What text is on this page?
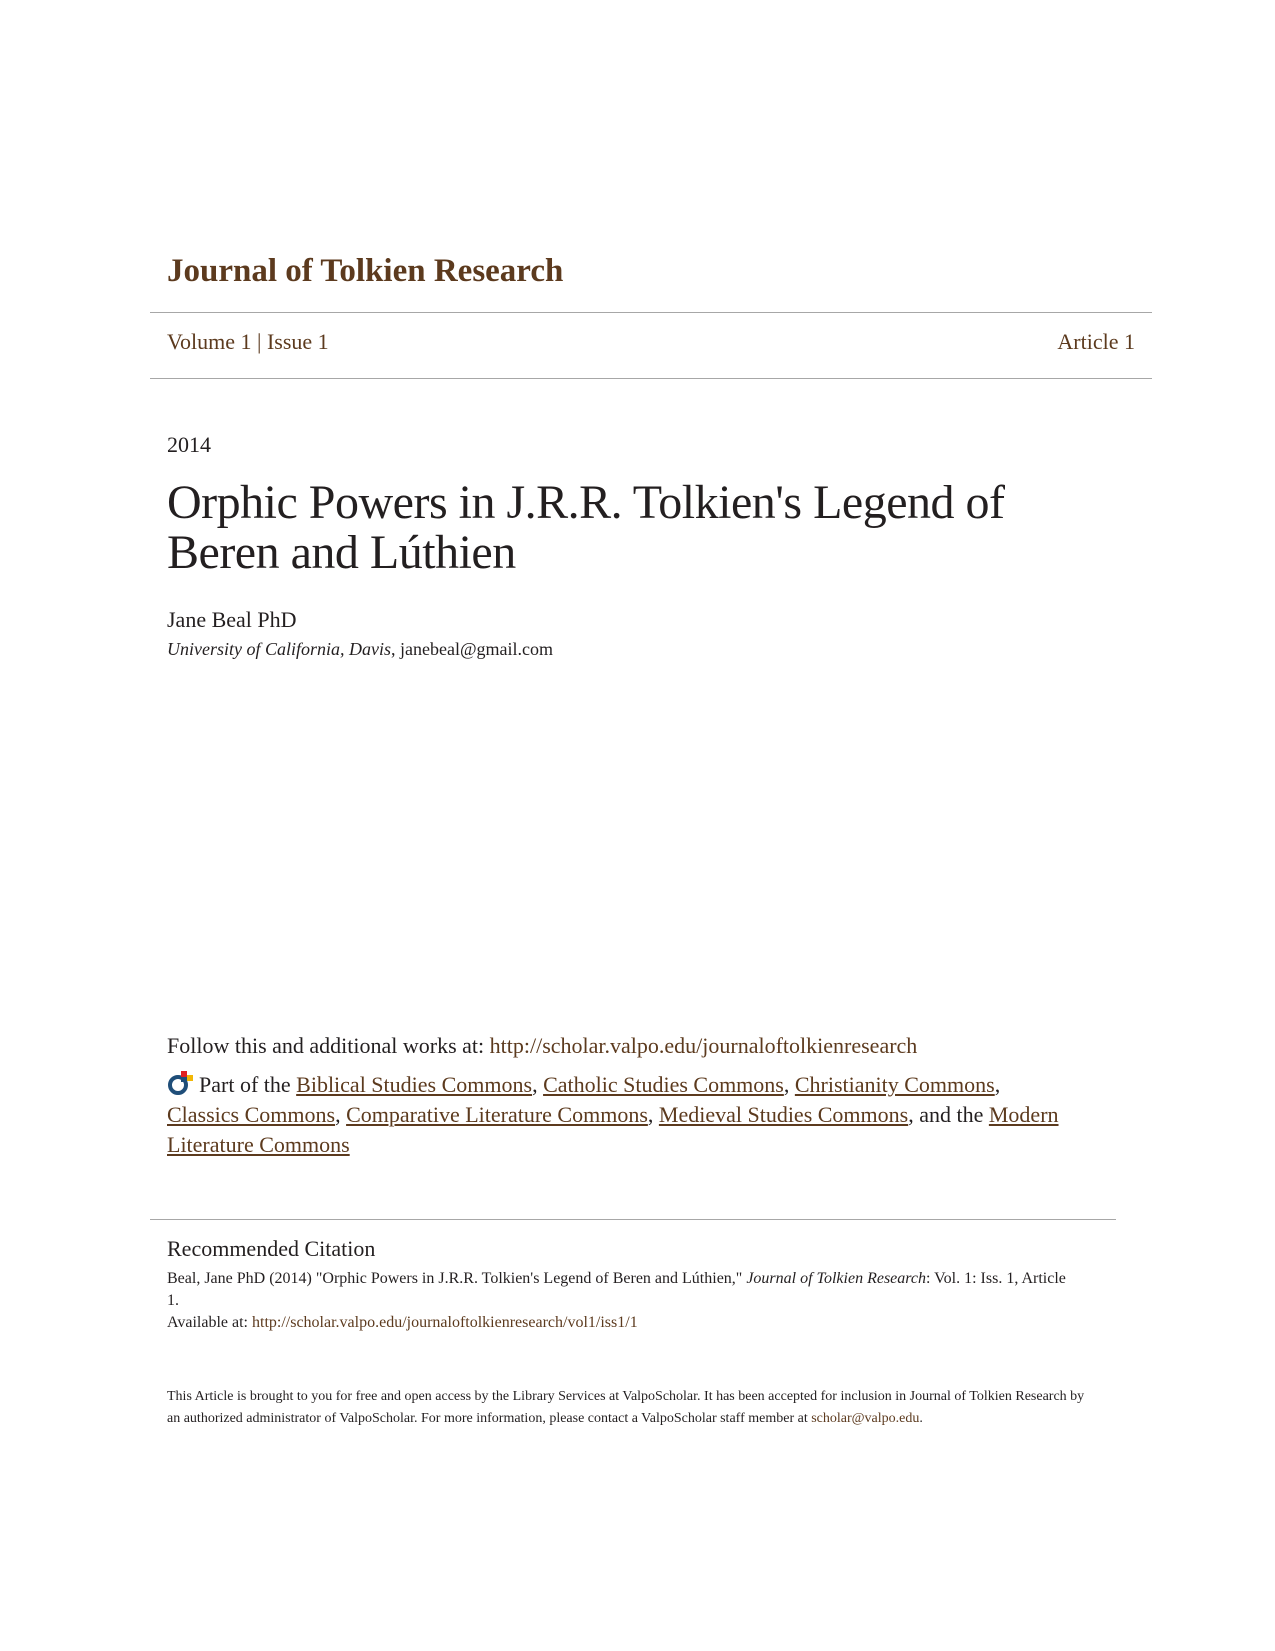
Journal of Tolkien Research
Volume 1 | Issue 1	Article 1
2014
Orphic Powers in J.R.R. Tolkien's Legend of Beren and Lúthien
Jane Beal PhD
University of California, Davis, janebeal@gmail.com
Follow this and additional works at: http://scholar.valpo.edu/journaloftolkienresearch
Part of the Biblical Studies Commons, Catholic Studies Commons, Christianity Commons, Classics Commons, Comparative Literature Commons, Medieval Studies Commons, and the Modern Literature Commons
Recommended Citation
Beal, Jane PhD (2014) "Orphic Powers in J.R.R. Tolkien's Legend of Beren and Lúthien," Journal of Tolkien Research: Vol. 1: Iss. 1, Article 1.
Available at: http://scholar.valpo.edu/journaloftolkienresearch/vol1/iss1/1
This Article is brought to you for free and open access by the Library Services at ValpoScholar. It has been accepted for inclusion in Journal of Tolkien Research by an authorized administrator of ValpoScholar. For more information, please contact a ValpoScholar staff member at scholar@valpo.edu.
